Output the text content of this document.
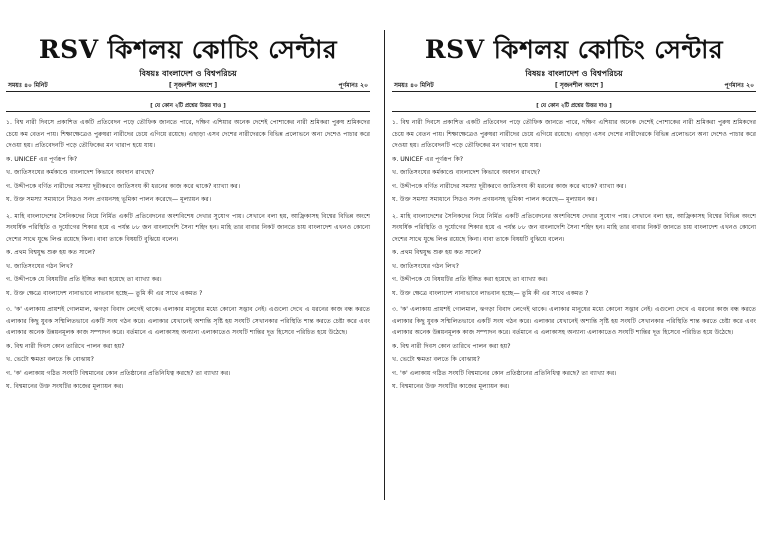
RSV কিশলয় কোচিং সেন্টার
বিষয়ঃ বাংলাদেশ ও বিশ্বপরিচয়
সময়ঃ ৪০ মিনিট	[ সৃজনশীল অংশে ]	পূর্ণমানঃ ২০
[ যে কোন ২টি প্রশ্নের উত্তর দাও ]

১. বিশ্ব নারী দিবসে প্রকাশিত একটি প্রতিবেদন পড়ে তৌফিক জানতে পারে, দক্ষিণ এশিয়ার অনেক দেশেই পোশাকের নারী শ্রমিকরা পুরুষ শ্রমিকদের চেয়ে কম বেতন পায়। শিক্ষাক্ষেত্রেও পুরুষরা নারীদের চেয়ে এগিয়ে রয়েছে। এছাড়া এসব দেশের নারীদেরকে বিভিন্ন প্রলোভনে অন্য দেশেও পাচার করে দেওয়া হয়। প্রতিবেদনটি পড়ে তৌফিকের মন খারাপ হয়ে যায়।

ক. UNICEF এর পূর্ণরূপ কি?

খ. জাতিসংঘের কর্মকাণ্ডে বাংলাদেশ কিভাবে অবদান রাখছে?

গ. উদ্দীপকে বর্ণিত নারীদের সমস্যা দূরীকরণে জাতিসংঘ কী ধরনের কাজ করে থাকে? ব্যাখ্যা কর।

ঘ. উক্ত সমস্যা সমাধানে সিডও সনদ প্রণয়নসহ ভূমিকা পালন করেছে— মূল্যায়ন কর।

২. মাহি বাংলাদেশের সৈনিকদের নিয়ে নির্মিত একটি প্রতিবেদনের অংশবিশেষ দেখার সুযোগ পায়। সেখানে বলা হয়, আফ্রিকাসহ বিশ্বের বিভিন্ন অংশে সংঘর্ষিক পরিস্থিতি ও দুর্যোগের শিকার হয়ে এ পর্যন্ত ৮৮ জন বাংলাদেশি সৈন্য শহিদ হন। মাহি তার বাবার নিকট জানতে চায় বাংলাদেশ এখনও কোনো দেশের সাথে যুদ্ধে লিপ্ত রয়েছে কিনা। বাবা তাকে বিষয়টি বুঝিয়ে বলেন।

ক. প্রথম বিশ্বযুদ্ধ শুরু হয় কত সালে?

খ. জাতিসংঘের গঠন লিখ?

গ. উদ্দীপকে যে বিষয়টির প্রতি ইঙ্গিত করা হয়েছে তা ব্যাখ্যা কর।

ঘ. উক্ত ক্ষেত্রে বাংলাদেশ নানাভাবে লাভবান হচ্ছে— তুমি কী এর সাথে একমত ?

৩. 'ক' এলাকায় প্রায়শই গোলমাল, ঝগড়া বিবাদ লেগেই থাকে। এলাকার মানুষের মধ্যে কোনো সদ্ভাব নেই। এগুলো দেখে এ ধরনের কাজ বন্ধ করতে এলাকার কিছু যুবক সম্মিলিতভাবে একটি সংঘ গঠন করে। এলাকার যেখানেই অশান্তি সৃষ্টি হয় সংঘটি সেখানকার পরিস্থিতি শান্ত করতে চেষ্টা করে এবং এলাকার অনেক উন্নয়নমূলক কাজ সম্পাদন করে। বর্তমানে এ এলাকাসহ অন্যান্য এলাকাতেও সংঘটি শান্তির দূত হিসেবে পরিচিত হয়ে উঠেছে।

ক. বিশ্ব নারী দিবস কোন তারিখে পালন করা হয়?

খ. ভেটো ক্ষমতা বলতে কি বোঝায়?

গ. 'ক' এলাকায় গঠিত সংঘটি বিশ্বমানের কোন প্রতিষ্ঠানের প্রতিনিধিত্ব করছে? তা ব্যাখ্যা কর।

ঘ. বিশ্বমানের উক্ত সংঘটির কাজের মূল্যায়ন কর।

RSV কিশলয় কোচিং সেন্টার
বিষয়ঃ বাংলাদেশ ও বিশ্বপরিচয়
সময়ঃ ৪০ মিনিট	[ সৃজনশীল অংশে ]	পূর্ণমানঃ ২০
[ যে কোন ২টি প্রশ্নের উত্তর দাও ]

১. বিশ্ব নারী দিবসে প্রকাশিত একটি প্রতিবেদন পড়ে তৌফিক জানতে পারে, দক্ষিণ এশিয়ার অনেক দেশেই পোশাকের নারী শ্রমিকরা পুরুষ শ্রমিকদের চেয়ে কম বেতন পায়। শিক্ষাক্ষেত্রেও পুরুষরা নারীদের চেয়ে এগিয়ে রয়েছে। এছাড়া এসব দেশের নারীদেরকে বিভিন্ন প্রলোভনে অন্য দেশেও পাচার করে দেওয়া হয়। প্রতিবেদনটি পড়ে তৌফিকের মন খারাপ হয়ে যায়।

ক. UNICEF এর পূর্ণরূপ কি?

খ. জাতিসংঘের কর্মকাণ্ডে বাংলাদেশ কিভাবে অবদান রাখছে?

গ. উদ্দীপকে বর্ণিত নারীদের সমস্যা দূরীকরণে জাতিসংঘ কী ধরনের কাজ করে থাকে? ব্যাখ্যা কর।

ঘ. উক্ত সমস্যা সমাধানে সিডও সনদ প্রণয়নসহ ভূমিকা পালন করেছে— মূল্যায়ন কর।

২. মাহি বাংলাদেশের সৈনিকদের নিয়ে নির্মিত একটি প্রতিবেদনের অংশবিশেষ দেখার সুযোগ পায়। সেখানে বলা হয়, আফ্রিকাসহ বিশ্বের বিভিন্ন অংশে সংঘর্ষিক পরিস্থিতি ও দুর্যোগের শিকার হয়ে এ পর্যন্ত ৮৮ জন বাংলাদেশি সৈন্য শহিদ হন। মাহি তার বাবার নিকট জানতে চায় বাংলাদেশ এখনও কোনো দেশের সাথে যুদ্ধে লিপ্ত রয়েছে কিনা। বাবা তাকে বিষয়টি বুঝিয়ে বলেন।

ক. প্রথম বিশ্বযুদ্ধ শুরু হয় কত সালে?

খ. জাতিসংঘের গঠন লিখ?

গ. উদ্দীপকে যে বিষয়টির প্রতি ইঙ্গিত করা হয়েছে তা ব্যাখ্যা কর।

ঘ. উক্ত ক্ষেত্রে বাংলাদেশ নানাভাবে লাভবান হচ্ছে— তুমি কী এর সাথে একমত ?

৩. 'ক' এলাকায় প্রায়শই গোলমাল, ঝগড়া বিবাদ লেগেই থাকে। এলাকার মানুষের মধ্যে কোনো সদ্ভাব নেই। এগুলো দেখে এ ধরনের কাজ বন্ধ করতে এলাকার কিছু যুবক সম্মিলিতভাবে একটি সংঘ গঠন করে। এলাকার যেখানেই অশান্তি সৃষ্টি হয় সংঘটি সেখানকার পরিস্থিতি শান্ত করতে চেষ্টা করে এবং এলাকার অনেক উন্নয়নমূলক কাজ সম্পাদন করে। বর্তমানে এ এলাকাসহ অন্যান্য এলাকাতেও সংঘটি শান্তির দূত হিসেবে পরিচিত হয়ে উঠেছে।

ক. বিশ্ব নারী দিবস কোন তারিখে পালন করা হয়?

খ. ভেটো ক্ষমতা বলতে কি বোঝায়?

গ. 'ক' এলাকায় গঠিত সংঘটি বিশ্বমানের কোন প্রতিষ্ঠানের প্রতিনিধিত্ব করছে? তা ব্যাখ্যা কর।

ঘ. বিশ্বমানের উক্ত সংঘটির কাজের মূল্যায়ন কর।
